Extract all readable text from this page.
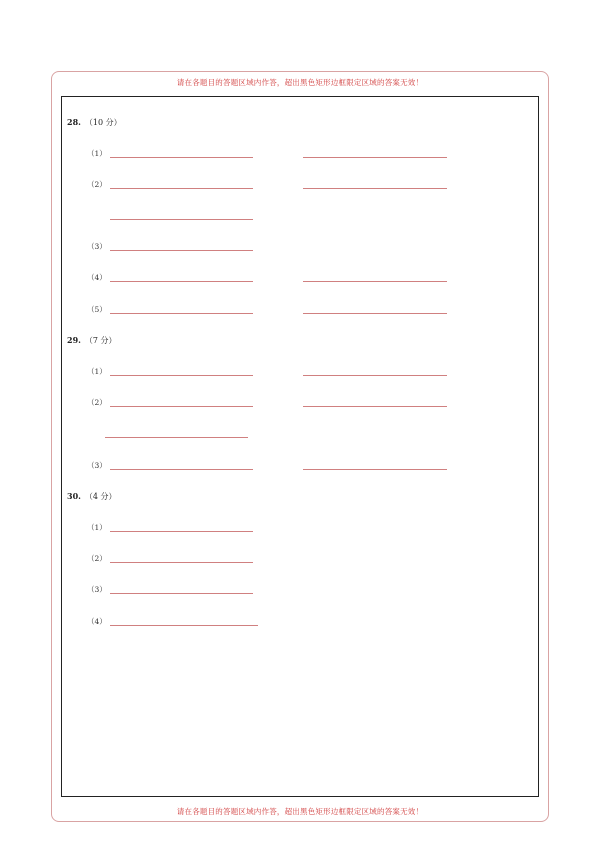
请在各题目的答题区域内作答，超出黑色矩形边框限定区域的答案无效！
28. （10 分）
（1）
（2）
（3）
（4）
（5）
29. （7 分）
（1）
（2）
（3）
30. （4 分）
（1）
（2）
（3）
（4）
请在各题目的答题区域内作答，超出黑色矩形边框限定区域的答案无效！
